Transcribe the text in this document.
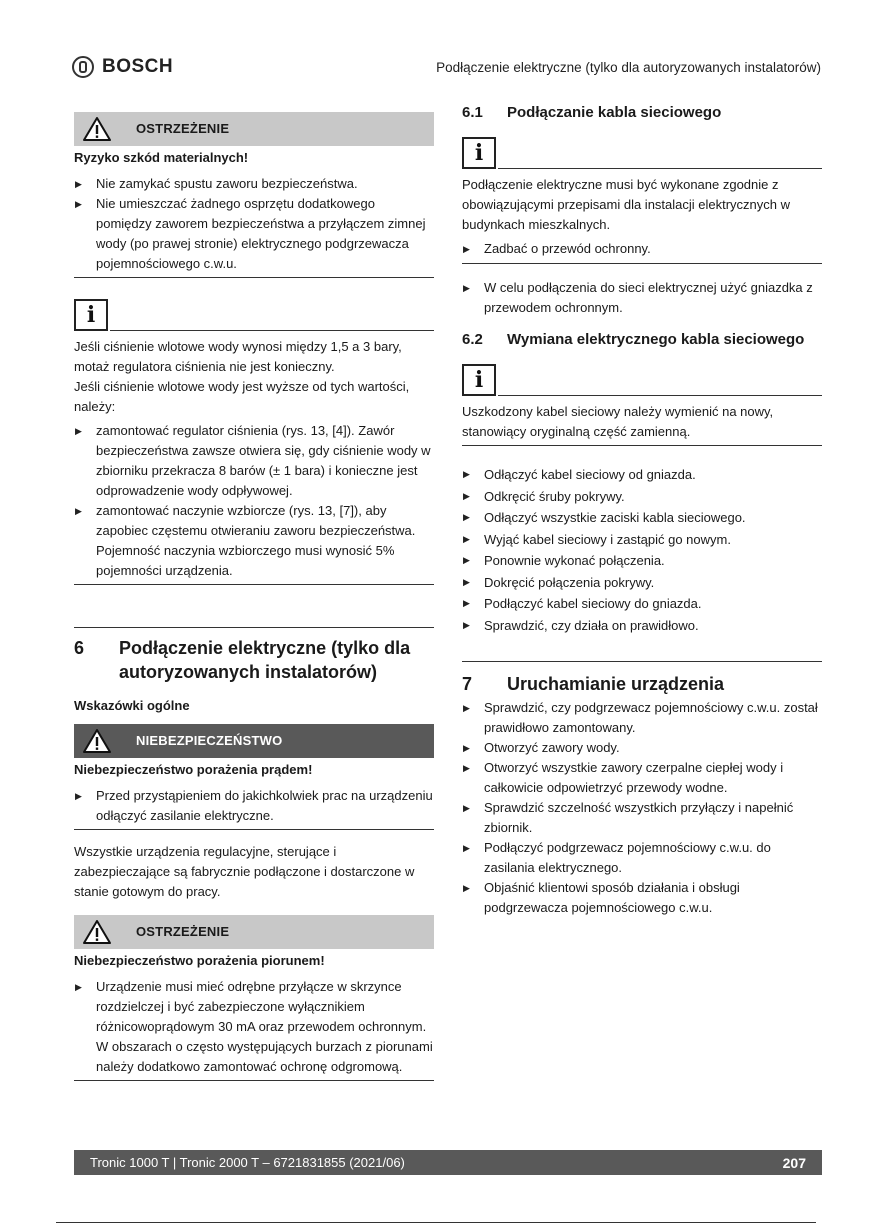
BOSCH	Podłączenie elektryczne (tylko dla autoryzowanych instalatorów)
OSTRZEŻENIE
Ryzyko szkód materialnych!
▶ Nie zamykać spustu zaworu bezpieczeństwa.
▶ Nie umieszczać żadnego osprzętu dodatkowego pomiędzy zaworem bezpieczeństwa a przyłączem zimnej wody (po prawej stronie) elektrycznego podgrzewacza pojemnościowego c.w.u.
i
Jeśli ciśnienie wlotowe wody wynosi między 1,5 a 3 bary, motaż regulatora ciśnienia nie jest konieczny.
Jeśli ciśnienie wlotowe wody jest wyższe od tych wartości, należy:
▶ zamontować regulator ciśnienia (rys. 13, [4]). Zawór bezpieczeństwa zawsze otwiera się, gdy ciśnienie wody w zbiorniku przekracza 8 barów (± 1 bara) i konieczne jest odprowadzenie wody odpływowej.
▶ zamontować naczynie wzbiorcze (rys. 13, [7]), aby zapobiec częstemu otwieraniu zaworu bezpieczeństwa. Pojemność naczynia wzbiorczego musi wynosić 5% pojemności urządzenia.
6	Podłączenie elektryczne (tylko dla
autoryzowanych instalatorów)
Wskazówki ogólne
NIEBEZPIECZEŃSTWO
Niebezpieczeństwo porażenia prądem!
▶ Przed przystąpieniem do jakichkolwiek prac na urządzeniu odłączyć zasilanie elektryczne.
Wszystkie urządzenia regulacyjne, sterujące i zabezpieczające są fabrycznie podłączone i dostarczone w stanie gotowym do pracy.
OSTRZEŻENIE
Niebezpieczeństwo porażenia piorunem!
▶ Urządzenie musi mieć odrębne przyłącze w skrzynce rozdzielczej i być zabezpieczone wyłącznikiem różnicowoprądowym 30 mA oraz przewodem ochronnym. W obszarach o często występujących burzach z piorunami należy dodatkowo zamontować ochronę odgromową.
6.1	Podłączanie kabla sieciowego
i
Podłączenie elektryczne musi być wykonane zgodnie z obowiązującymi przepisami dla instalacji elektrycznych w budynkach mieszkalnych.
▶ Zadbać o przewód ochronny.
▶ W celu podłączenia do sieci elektrycznej użyć gniazdka z przewodem ochronnym.
6.2	Wymiana elektrycznego kabla sieciowego
i
Uszkodzony kabel sieciowy należy wymienić na nowy, stanowiący oryginalną część zamienną.
▶ Odłączyć kabel sieciowy od gniazda.
▶ Odkręcić śruby pokrywy.
▶ Odłączyć wszystkie zaciski kabla sieciowego.
▶ Wyjąć kabel sieciowy i zastąpić go nowym.
▶ Ponownie wykonać połączenia.
▶ Dokręcić połączenia pokrywy.
▶ Podłączyć kabel sieciowy do gniazda.
▶ Sprawdzić, czy działa on prawidłowo.
7	Uruchamianie urządzenia
▶ Sprawdzić, czy podgrzewacz pojemnościowy c.w.u. został prawidłowo zamontowany.
▶ Otworzyć zawory wody.
▶ Otworzyć wszystkie zawory czerpalne ciepłej wody i całkowicie odpowietrzyć przewody wodne.
▶ Sprawdzić szczelność wszystkich przyłączy i napełnić zbiornik.
▶ Podłączyć podgrzewacz pojemnościowy c.w.u. do zasilania elektrycznego.
▶ Objaśnić klientowi sposób działania i obsługi podgrzewacza pojemnościowego c.w.u.
Tronic 1000 T | Tronic 2000 T – 6721831855 (2021/06)	207
